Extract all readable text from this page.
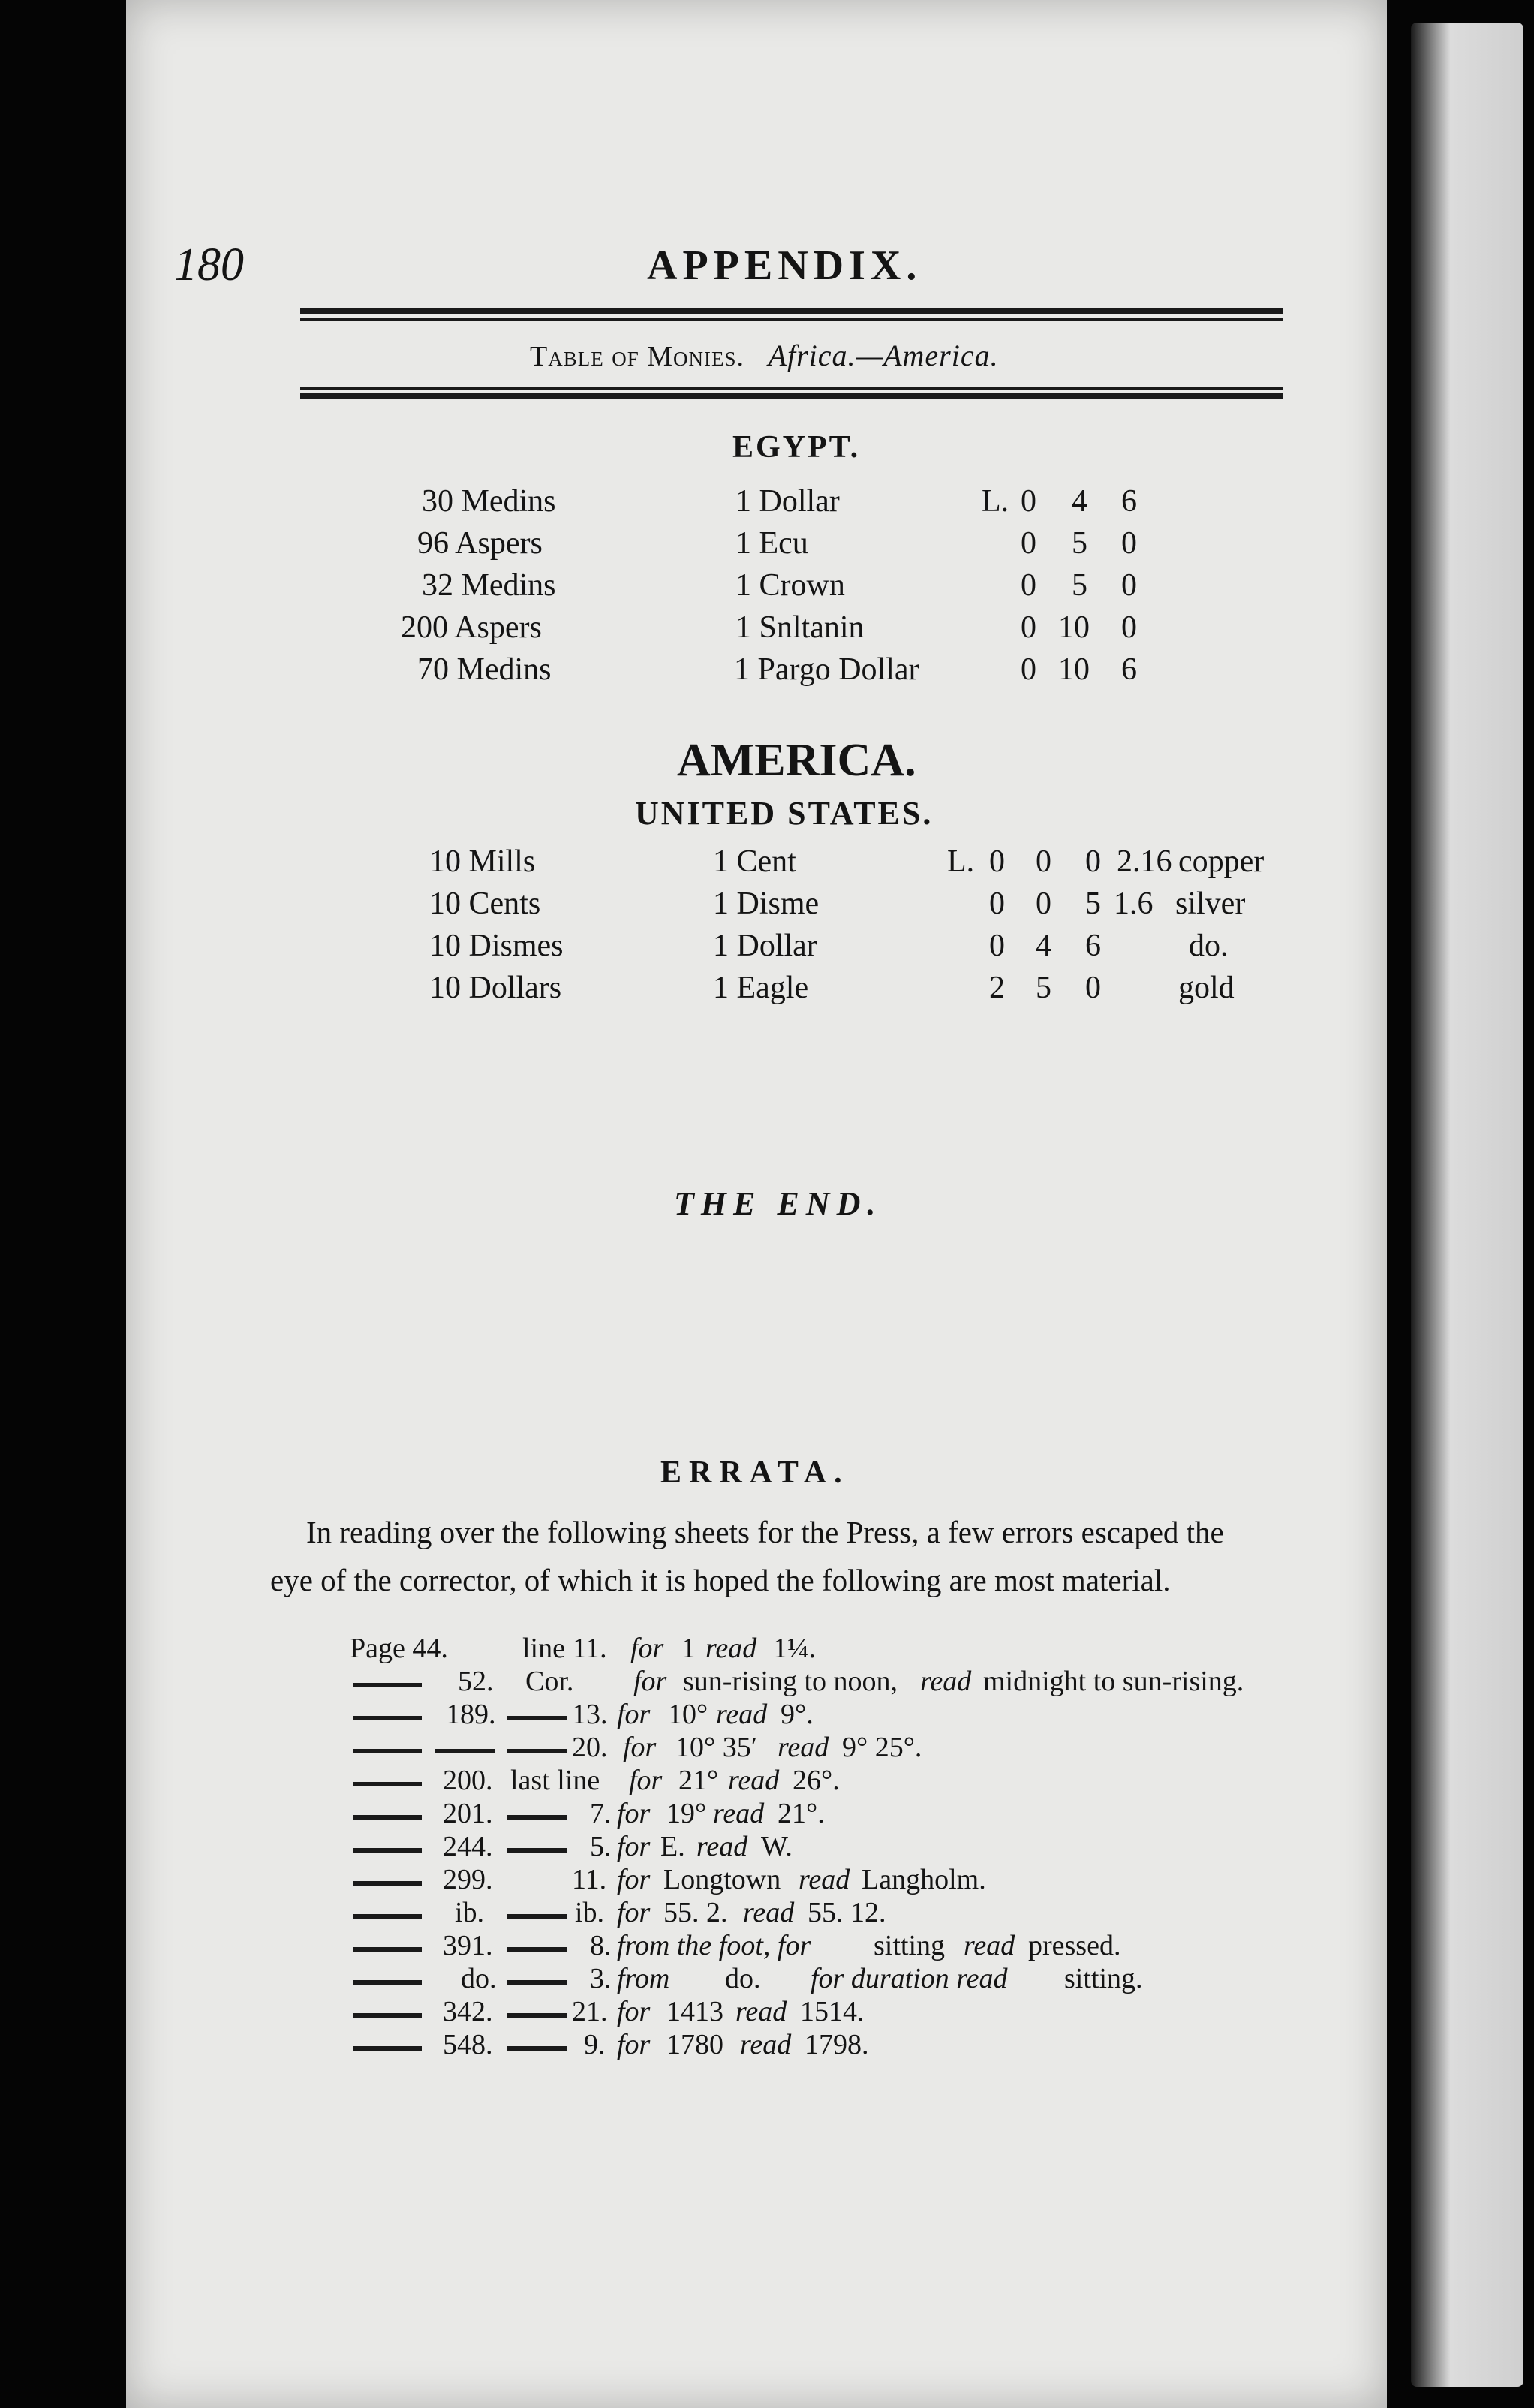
180	APPENDIX.
Table of Monies. Africa.—America.
EGYPT.
30 Medins	1 Dollar	L. 0 4 6
96 Aspers	1 Ecu	0 5 0
32 Medins	1 Crown	0 5 0
200 Aspers	1 Snltanin	0 10 0
70 Medins	1 Pargo Dollar	0 10 6
AMERICA.
UNITED STATES.
10 Mills	1 Cent	L. 0 0 0 2.16 copper
10 Cents	1 Disme	0 0 5 1.6 silver
10 Dismes	1 Dollar	0 4 6	do.
10 Dollars	1 Eagle	2 5 0 gold
THE END.
ERRATA.
In reading over the following sheets for the Press, a few errors escaped the
eye of the corrector, of which it is hoped the following are most material.
Page 44.	line 11. for 1 read 1¼.
52. Cor. for sun-rising to noon, read midnight to sun-rising.
189.	13. for 10° read 9°.
20. for 10° 35′ read 9° 25°.
200. last line for 21° read 26°.
201.	7. for 19° read 21°.
244.	5. for E. read W.
299.	11. for Longtown read Langholm.
ib.	ib. for 55. 2. read 55. 12.
391.	8. from the foot, for sitting read pressed.
do.	3. from do. for duration read sitting.
342.	21. for 1413 read 1514.
548.	9. for 1780 read 1798.
